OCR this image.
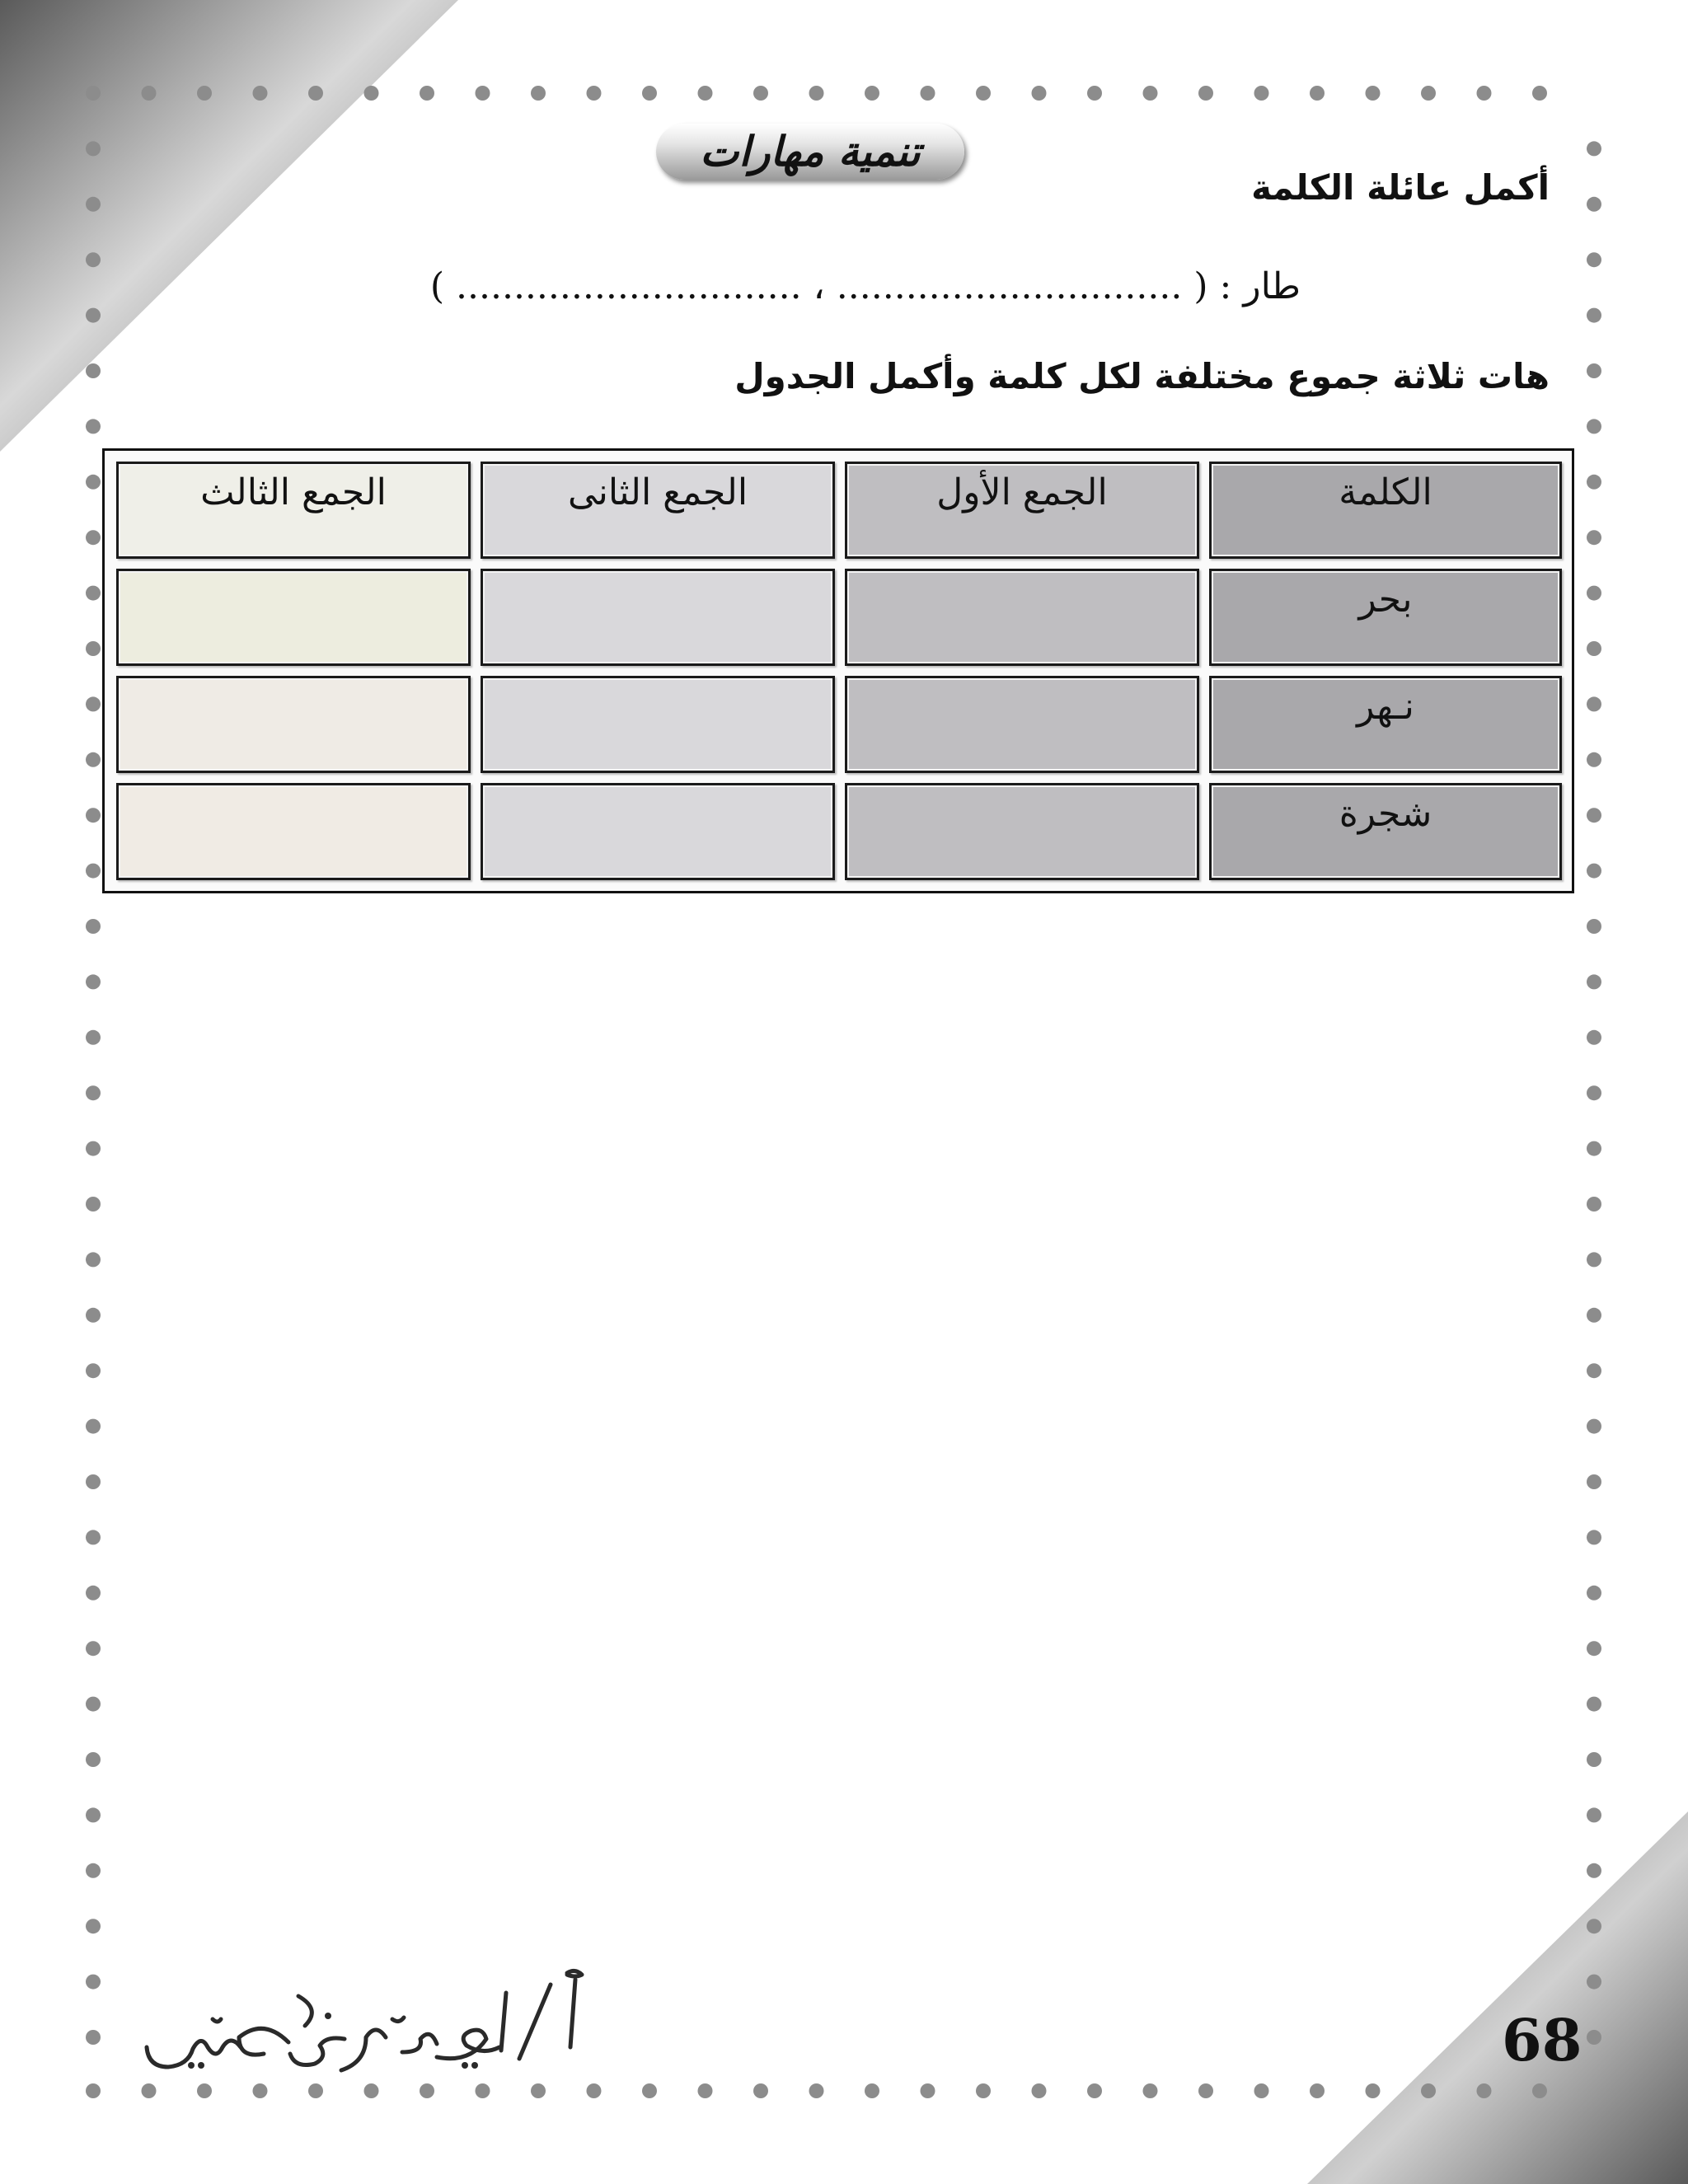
تنمية مهارات
أكمل عائلة الكلمة
طار : ( .............................. ، .............................. )
هات ثلاثة جموع مختلفة لكل كلمة وأكمل الجدول
الكلمة
الجمع الأول
الجمع الثانى
الجمع الثالث
بحر
نـهر
شجرة
68
